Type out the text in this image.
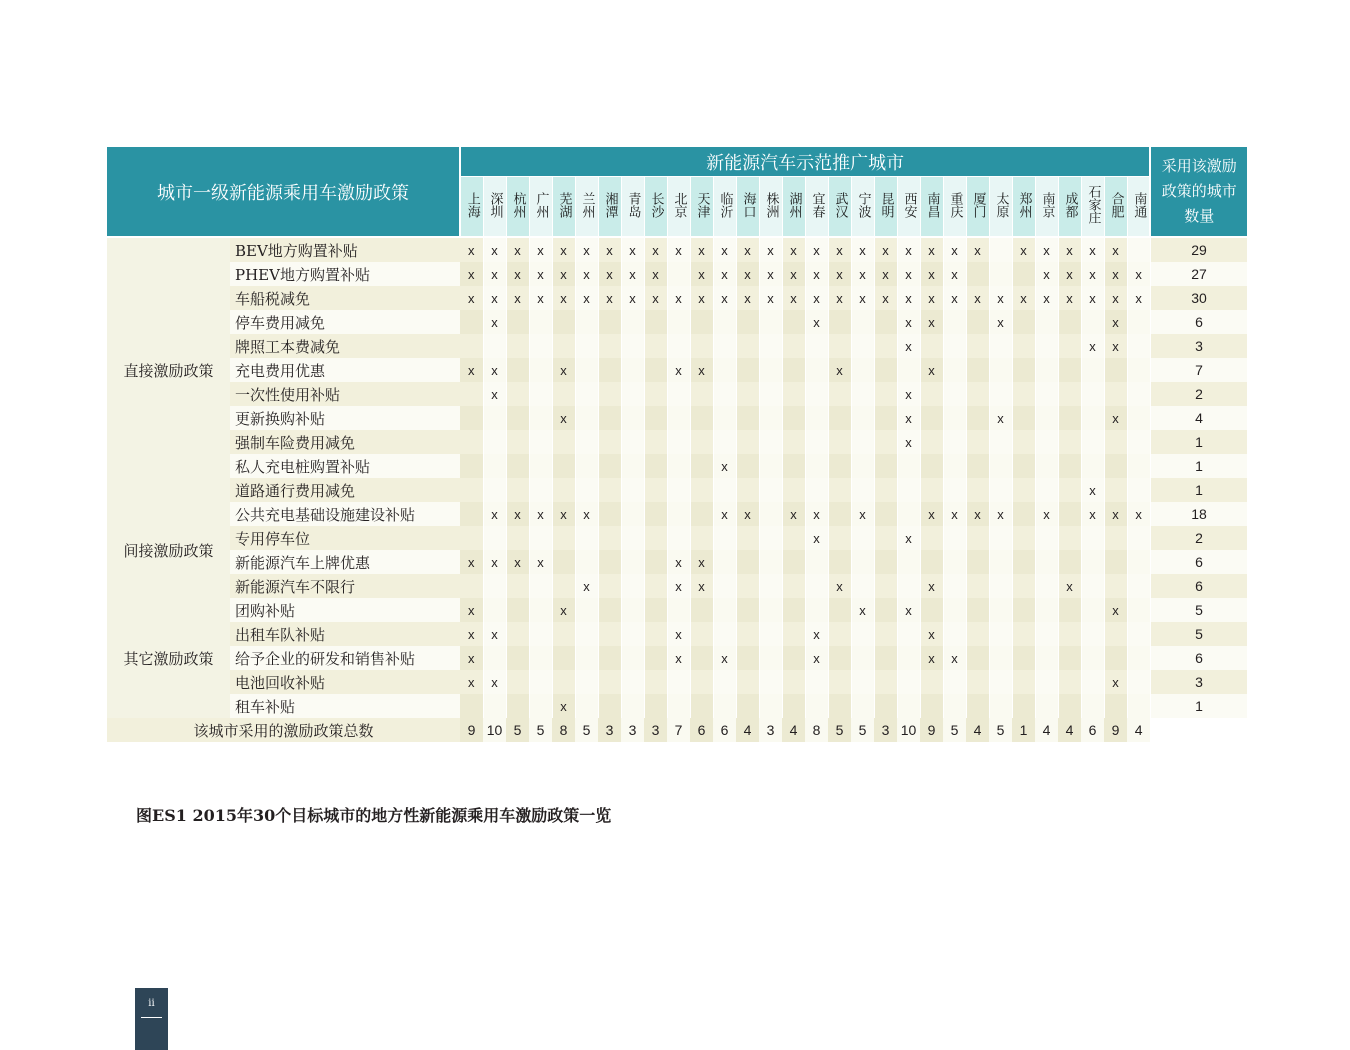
城市一级新能源乘用车激励政策		新能源汽车示范推广城市																														采用该激励
政策的城市
数量
		上海	深圳	杭州	广州	芜湖	兰州	湘潭	青岛	长沙	北京	天津	临沂	海口	株洲	湖州	宜春	武汉	宁波	昆明	西安	南昌	重庆	厦门	太原	郑州	南京	成都	石家庄	合肥	南通	
直接激励政策	BEV地方购置补贴	x	x	x	x	x	x	x	x	x	x	x	x	x	x	x	x	x	x	x	x	x	x	x		x	x	x	x	x		29
	PHEV地方购置补贴	x	x	x	x	x	x	x	x	x		x	x	x	x	x	x	x	x	x	x	x	x				x	x	x	x	x	27
	车船税减免	x	x	x	x	x	x	x	x	x	x	x	x	x	x	x	x	x	x	x	x	x	x	x	x	x	x	x	x	x	x	30
	停车费用减免		x														x				x	x			x					x		6
	牌照工本费减免																				x								x	x		3
	充电费用优惠	x	x			x					x	x						x				x										7
	一次性使用补贴		x																		x											2
	更新换购补贴					x															x				x					x		4
	强制车险费用减免																				x											1
	私人充电桩购置补贴												x																			1
	道路通行费用减免																												x			1
间接激励政策	公共充电基础设施建设补贴		x	x	x	x	x						x	x		x	x		x			x	x	x	x		x		x	x	x	18
	专用停车位																x				x											2
	新能源汽车上牌优惠	x	x	x	x						x	x																				6
	新能源汽车不限行						x				x	x						x				x						x				6
其它激励政策	团购补贴	x				x													x		x									x		5
	出租车队补贴	x	x								x						x					x										5
	给予企业的研发和销售补贴	x									x		x				x					x	x									6
	电池回收补贴	x	x																											x		3
	租车补贴					x																										1
该城市采用的激励政策总数		9	10	5	5	8	5	3	3	3	7	6	6	4	3	4	8	5	5	3	10	9	5	4	5	1	4	4	6	9	4	
图ES1 2015年30个目标城市的地方性新能源乘用车激励政策一览
ii
